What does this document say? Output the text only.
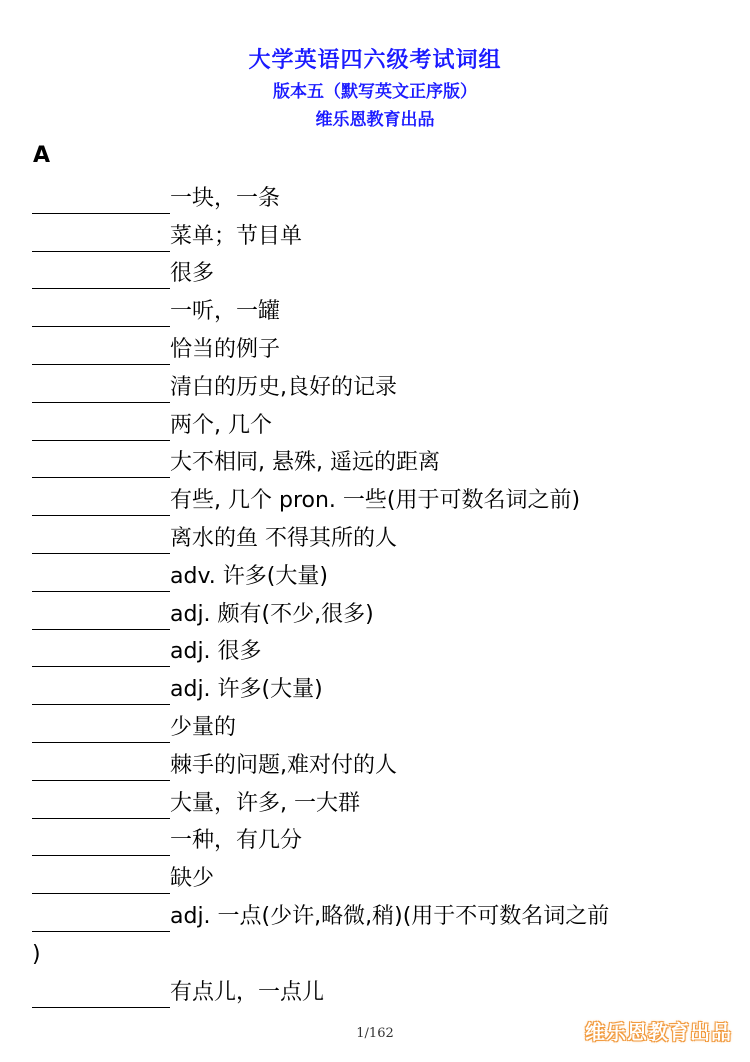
大学英语四六级考试词组
版本五（默写英文正序版）
维乐恩教育出品
A
一块，一条
菜单；节目单
很多
一听，一罐
恰当的例子
清白的历史,良好的记录
两个, 几个
大不相同, 悬殊, 遥远的距离
有些, 几个 pron. 一些(用于可数名词之前)
离水的鱼 不得其所的人
adv. 许多(大量)
adj. 颇有(不少,很多)
adj. 很多
adj. 许多(大量)
少量的
棘手的问题,难对付的人
大量，许多, 一大群
一种，有几分
缺少
adj. 一点(少许,略微,稍)(用于不可数名词之前
)
有点儿，一点儿
1/162	维乐恩教育出品
